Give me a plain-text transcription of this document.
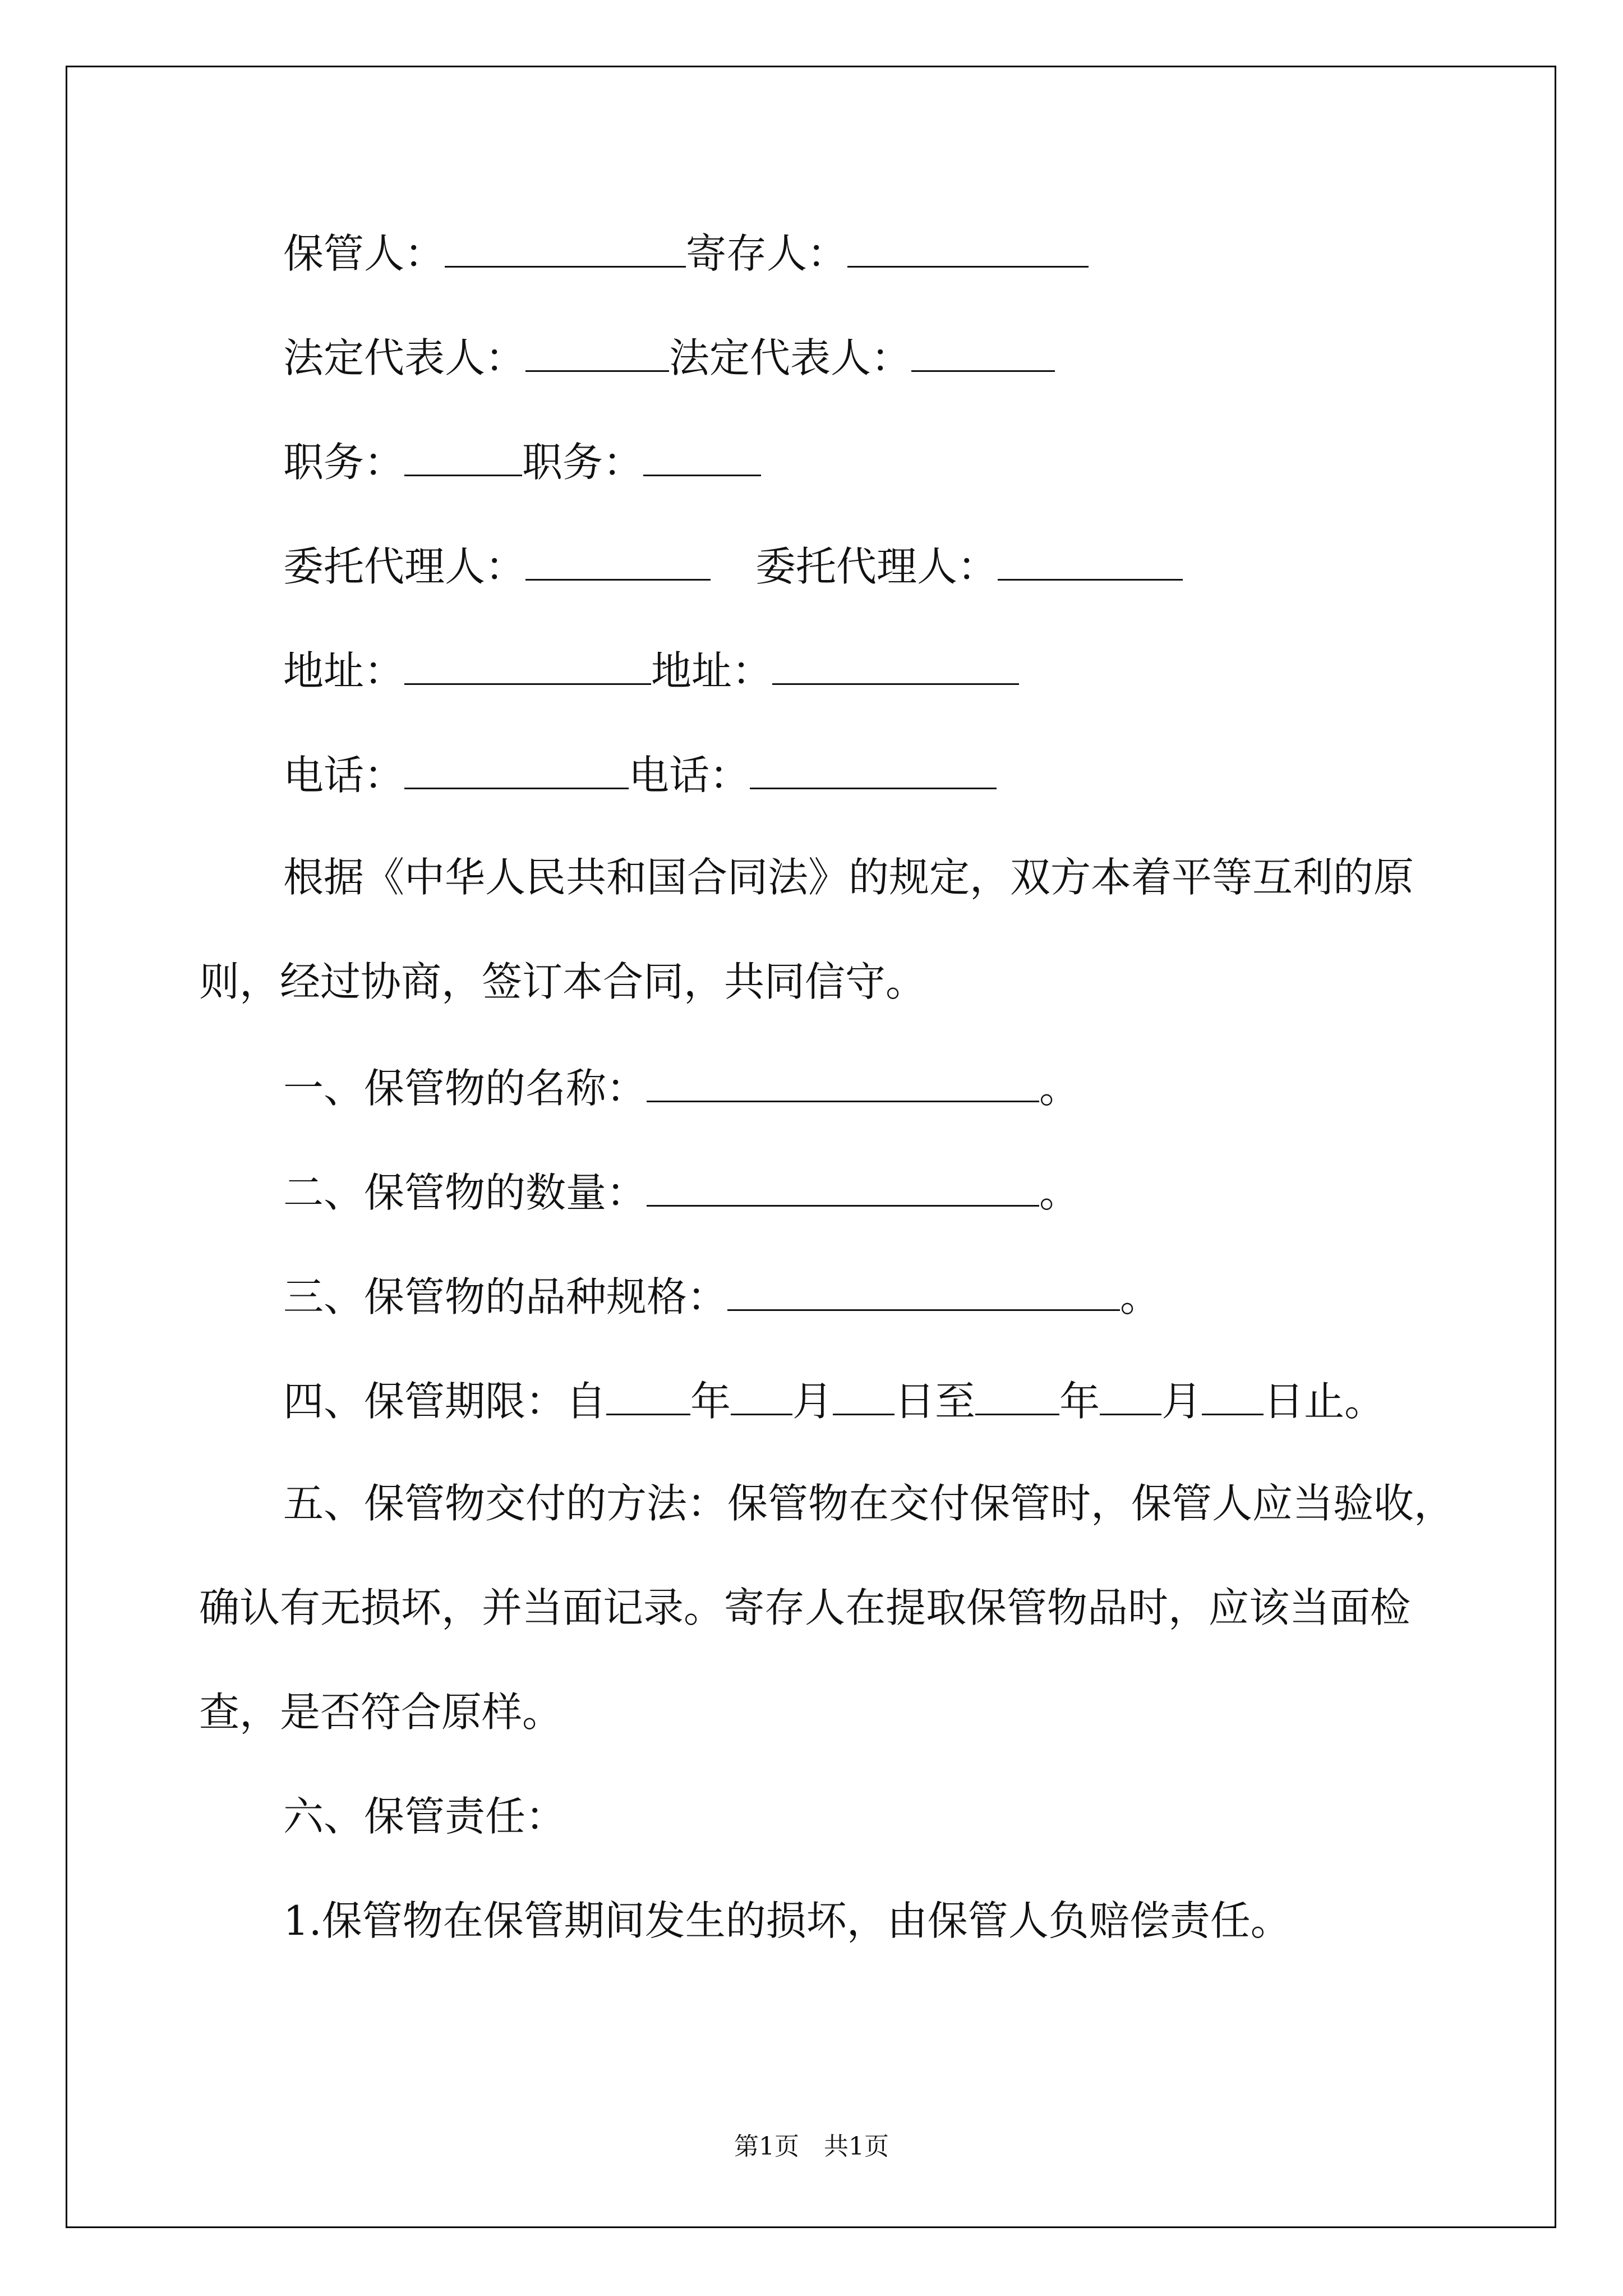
保管人：	寄存人：
法定代表人：	法定代表人：
职务：	职务：
委托代理人：	委托代理人：
地址：	地址：
电话：	电话：
根据《中华人民共和国合同法》的规定，双方本着平等互利的原
则，经过协商，签订本合同，共同信守。
一、保管物的名称：	。
二、保管物的数量：	。
三、保管物的品种规格：	。
四、保管期限：自 年 月 日至 年 月 日止。
五、保管物交付的方法：保管物在交付保管时，保管人应当验收，
确认有无损坏，并当面记录。寄存人在提取保管物品时，应该当面检
查，是否符合原样。
六、保管责任：
1.保管物在保管期间发生的损坏，由保管人负赔偿责任。
第1页　共1页
